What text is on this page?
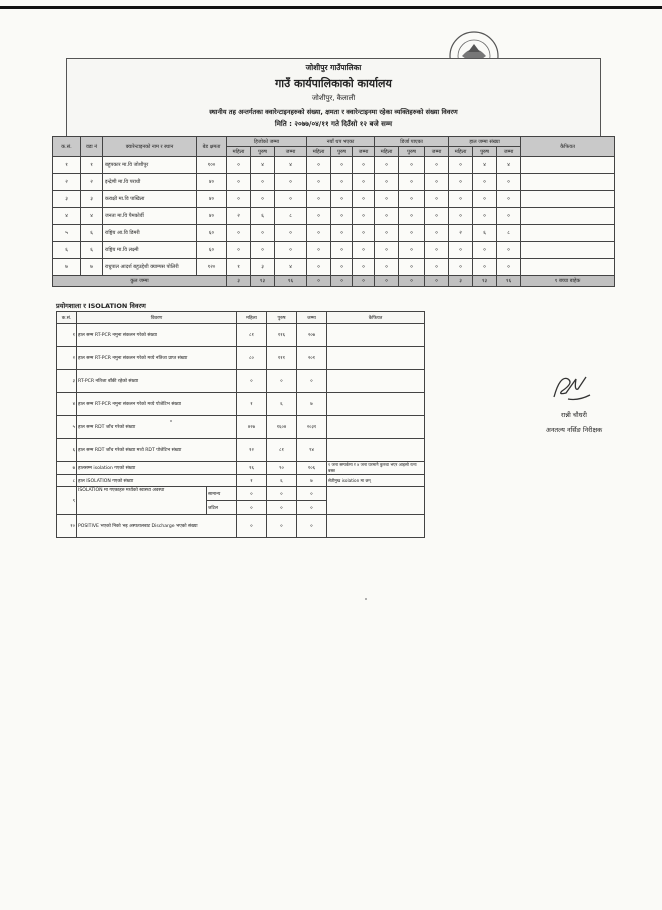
जोशीपुर गाउँपालिका
गाउँ कार्यपालिकाको कार्यालय
जोशीपुर, कैलाली
स्थानीय तह अन्तर्गतका क्वारेन्टाइनहरुको संख्या, क्षमता र क्वारेन्टाइनमा रहेका व्यक्तिहरुको संख्या विवरण
मिति : २०७७/०४/११ गते दिउँसो १२ बजे सम्म
क.सं.	वडा नं	क्वारेन्टाइनको नाम र स्थान	बेड क्षमता	हिजोको जम्मा			नयाँ थप भएका			डिर्जा पाएका			हाल जम्मा संख्या			कैफियत
				महिला	पुरुष	जम्मा	महिला	पुरुष	जम्मा	महिला	पुरुष	जम्मा	महिला	पुरुष	जम्मा	
१	१	बहुपकार मा.वि जोशीपुर	१००	०	४	४	०	०	०	०	०	०	०	४	४	
२	२	इन्द्रेणी मा.वि पराधी	४०	०	०	०	०	०	०	०	०	०	०	०	०	
३	३	कराक्षी मा.वि पाखिला	४०	०	०	०	०	०	०	०	०	०	०	०	०	
४	४	जनता मा.वि पैमकोर्वी	४०	२	६	८	०	०	०	०	०	०	०	०	०	
५	६	राष्ट्रिय आ.वि डिमरी	६०	०	०	०	०	०	०	०	०	०	२	६	८	
६	६	राष्ट्रिय मा.वि लक्ष्मी	६०	०	०	०	०	०	०	०	०	०	०	०	०	
७	७	राधुपाल आदर्श बहुउद्देशी क्याम्पस पोलिरी	१२०	१	३	४	०	०	०	०	०	०	०	०	०	
कुल जम्मा				३	१३	१६	०	०	०	०	०	०	३	१३	१६	१ बच्चा बाहेक
प्रयोगशाला र ISOLATION विवरण
क.सं.	विवरण		महिला	पुरुष	जम्मा	कैफियत
१	हाल सम्म RT-PCR नमुना संकलन गरेको संख्या		८१	११६	२०७	
२	हाल सम्म RT-PCR नमुना संकलन गरेको मध्ये नतिजा प्राप्त संख्या		८०	१११	२०१	
३	RT-PCR नतिजा बाँकी रहेको संख्या		०	०	०	
४	हाल सम्म RT-PCR नमुना संकलन गरेको मध्ये पोजेटिभ संख्या		१	६	७	
५	हाल सम्म RDT जाँच गरेको संख्या		४२७	१६०४	२०३१	
६	हाल सम्म RDT जाँच गरेको संख्या मध्ये RDT पोजेटिभ संख्या		१२	८१	९४	
७	हालसम्म isolation गएको संख्या		१६	९०	१०६	१ जना सम्पर्कमा र ४ जना घरमानै कुरुवा भएर आइसो रत्ना बस्छ
८	हाल ISOLATION गएको संख्या		१	६	७	सेतीमुख isolation मा छन्
९	ISOLATION मा गएकाहरु मध्येको स्वास्थ्य अवस्था	सामान्य	०	०	०	
		जटिल	०	०	०	
१०	POSITIVE भएको निको भइ अस्पतालबाट Discharge भएको संख्या		०	०	०	
रान्नी चौधरी
अनतल्य नर्सिङ निरीक्षक
